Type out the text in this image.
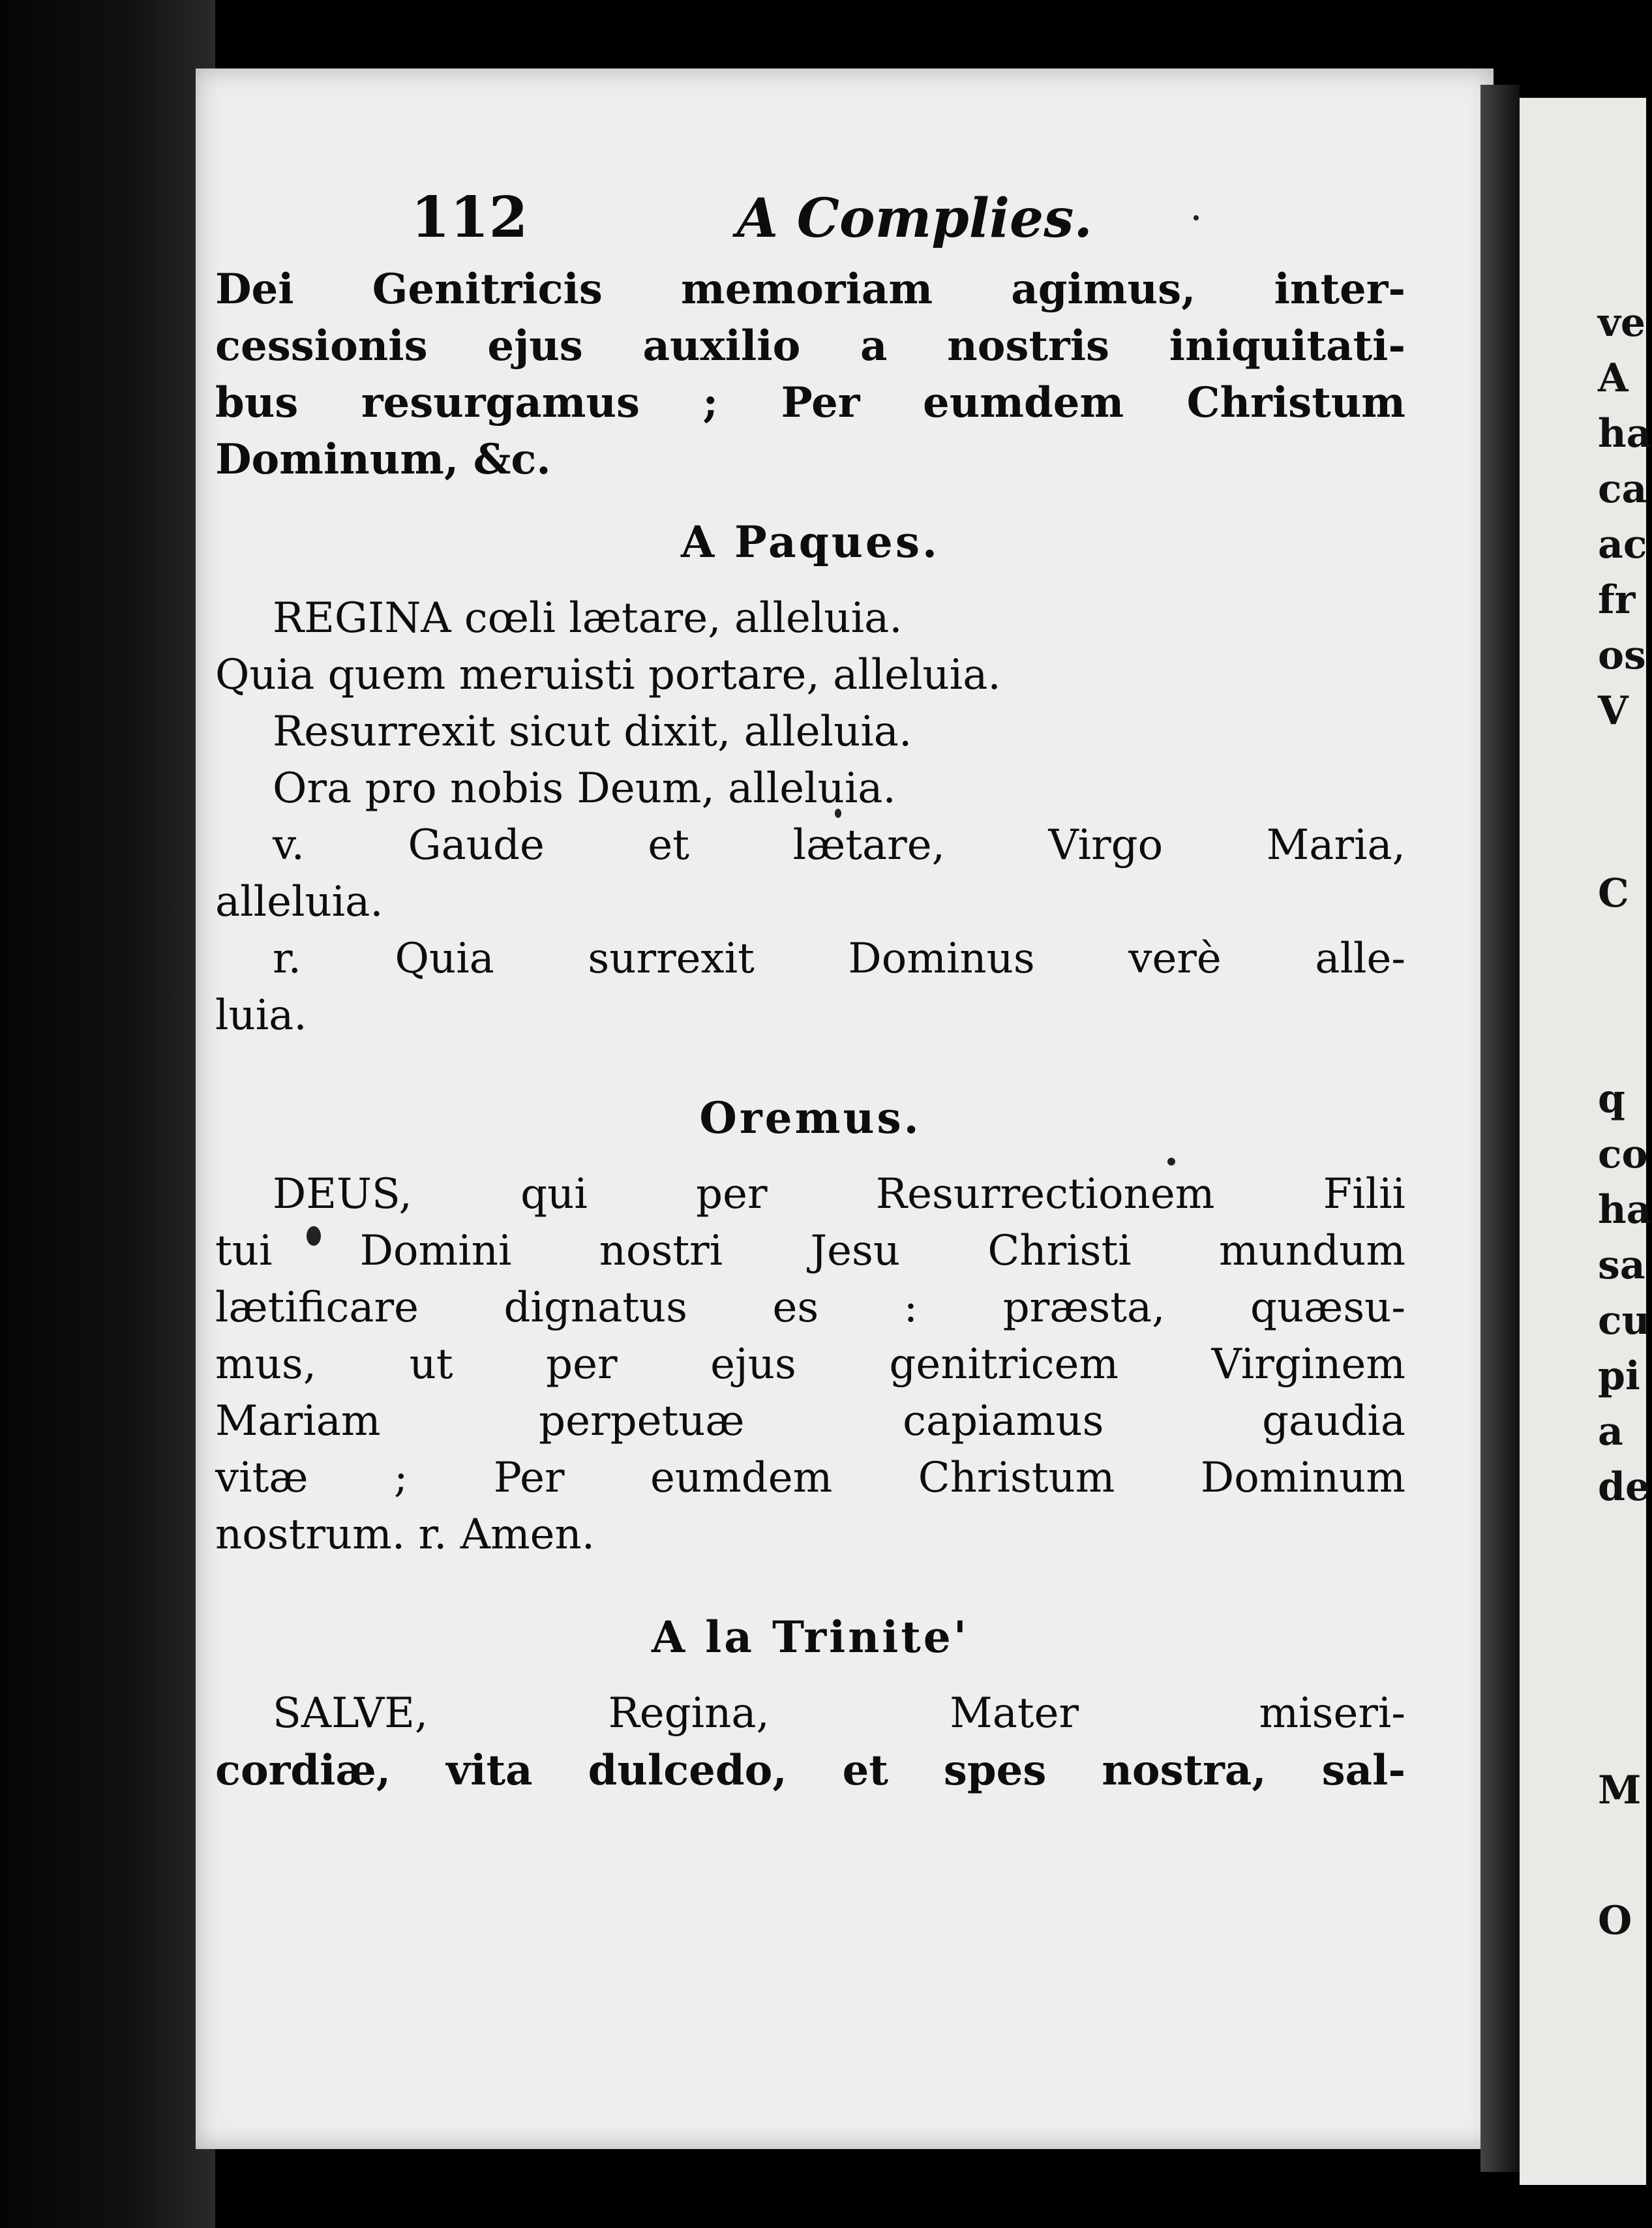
ve
A
ha
ca
ac
fr
os
V
C
q
co
ha
sa
cu
pi
a
de
M
O
112	A Complies.
Dei Genitricis memoriam agimus, inter-
cessionis ejus auxilio a nostris iniquitati-
bus resurgamus ; Per eumdem Christum
Dominum, &c.
A Paques.
REGINA cœli lætare, alleluia.
Quia quem meruisti portare, alleluia.
Resurrexit sicut dixit, alleluia.
Ora pro nobis Deum, alleluia.
v. Gaude et lætare, Virgo Maria,
alleluia.
r. Quia surrexit Dominus verè alle-
luia.
Oremus.
DEUS, qui per Resurrectionem Filii
tui Domini nostri Jesu Christi mundum
lætificare dignatus es : præsta, quæsu-
mus, ut per ejus genitricem Virginem
Mariam perpetuæ capiamus gaudia
vitæ ; Per eumdem Christum Dominum
nostrum. r. Amen.
A la Trinite'
SALVE, Regina, Mater miseri-
cordiæ, vita dulcedo, et spes nostra, sal-
